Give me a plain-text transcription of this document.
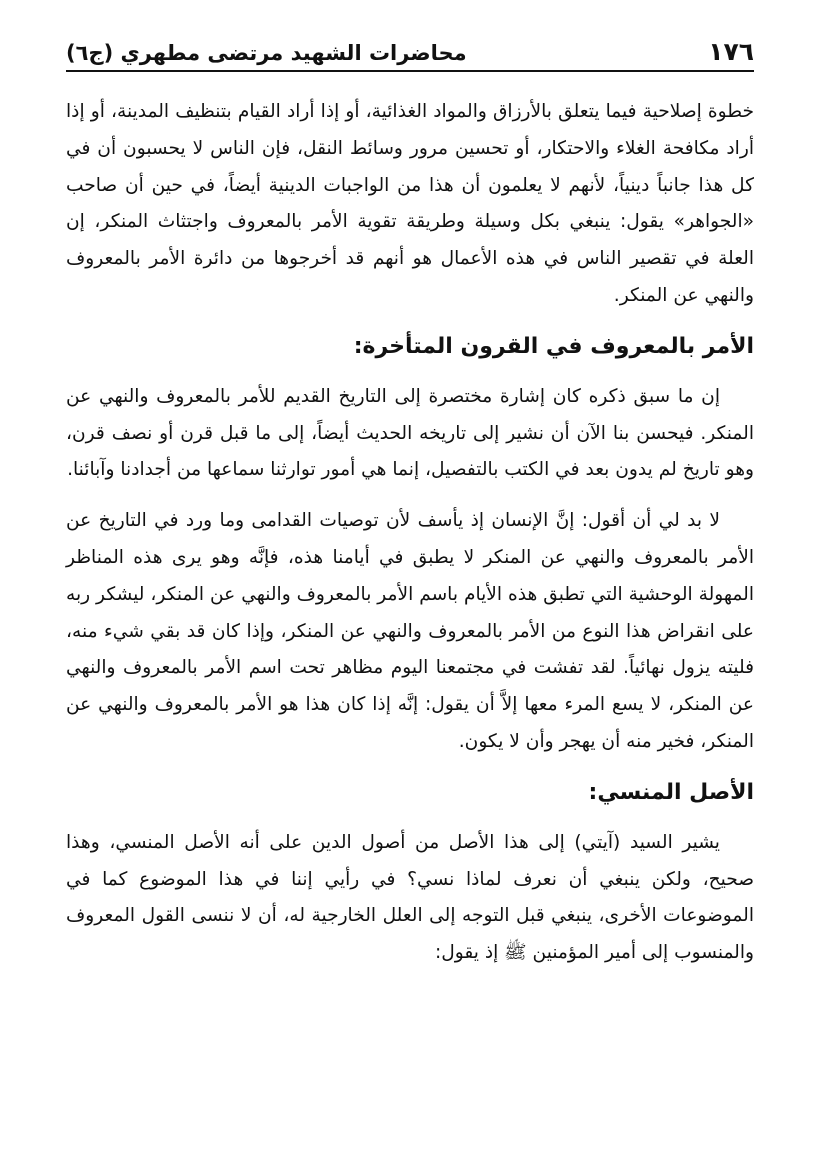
١٧٦
محاضرات الشهيد مرتضى مطهري (ج٦)

خطوة إصلاحية فيما يتعلق بالأرزاق والمواد الغذائية، أو إذا أراد القيام بتنظيف المدينة، أو إذا أراد مكافحة الغلاء والاحتكار، أو تحسين مرور وسائط النقل، فإن الناس لا يحسبون أن في كل هذا جانباً دينياً، لأنهم لا يعلمون أن هذا من الواجبات الدينية أيضاً، في حين أن صاحب «الجواهر» يقول: ينبغي بكل وسيلة وطريقة تقوية الأمر بالمعروف واجتثاث المنكر، إن العلة في تقصير الناس في هذه الأعمال هو أنهم قد أخرجوها من دائرة الأمر بالمعروف والنهي عن المنكر.

الأمر بالمعروف في القرون المتأخرة:

إن ما سبق ذكره كان إشارة مختصرة إلى التاريخ القديم للأمر بالمعروف والنهي عن المنكر. فيحسن بنا الآن أن نشير إلى تاريخه الحديث أيضاً، إلى ما قبل قرن أو نصف قرن، وهو تاريخ لم يدون بعد في الكتب بالتفصيل، إنما هي أمور توارثنا سماعها من أجدادنا وآبائنا.

لا بد لي أن أقول: إنَّ الإنسان إذ يأسف لأن توصيات القدامى وما ورد في التاريخ عن الأمر بالمعروف والنهي عن المنكر لا يطبق في أيامنا هذه، فإنَّه وهو يرى هذه المناظر المهولة الوحشية التي تطبق هذه الأيام باسم الأمر بالمعروف والنهي عن المنكر، ليشكر ربه على انقراض هذا النوع من الأمر بالمعروف والنهي عن المنكر، وإذا كان قد بقي شيء منه، فليته يزول نهائياً. لقد تفشت في مجتمعنا اليوم مظاهر تحت اسم الأمر بالمعروف والنهي عن المنكر، لا يسع المرء معها إلاَّ أن يقول: إنَّه إذا كان هذا هو الأمر بالمعروف والنهي عن المنكر، فخير منه أن يهجر وأن لا يكون.

الأصل المنسي:

يشير السيد (آيتي) إلى هذا الأصل من أصول الدين على أنه الأصل المنسي، وهذا صحيح، ولكن ينبغي أن نعرف لماذا نسي؟ في رأيي إننا في هذا الموضوع كما في الموضوعات الأخرى، ينبغي قبل التوجه إلى العلل الخارجية له، أن لا ننسى القول المعروف والمنسوب إلى أمير المؤمنين ﷺ إذ يقول:
